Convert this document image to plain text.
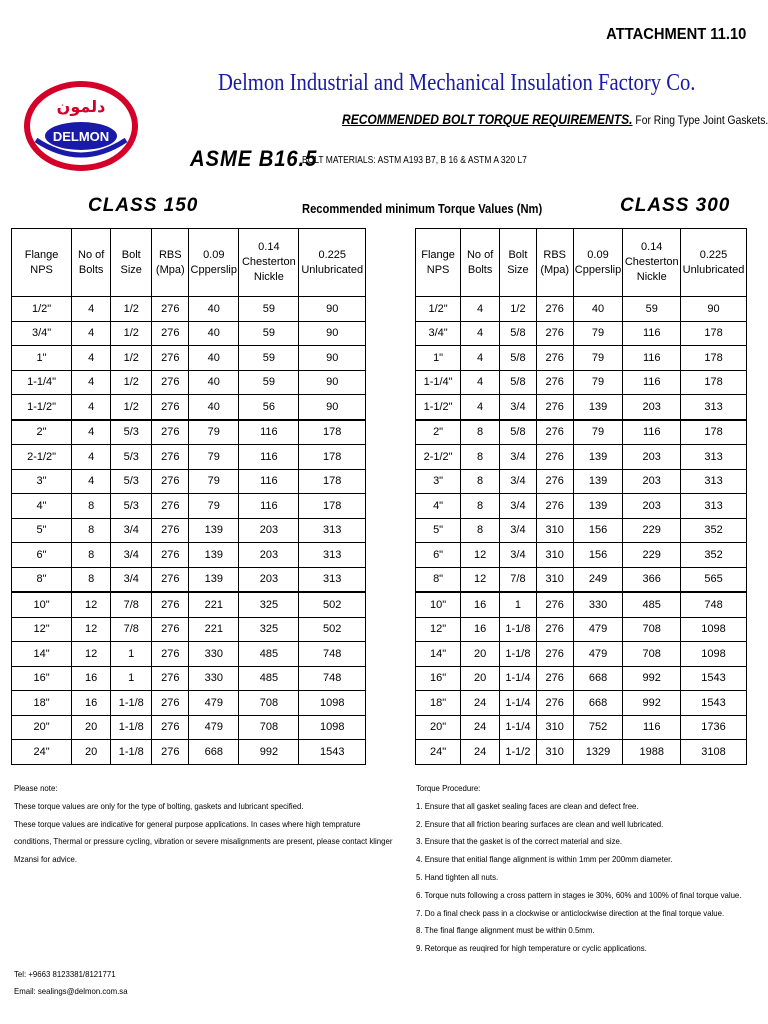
ATTACHMENT 11.10
DELMON
دلمون
Delmon Industrial and Mechanical Insulation Factory Co.
RECOMMENDED BOLT TORQUE REQUIREMENTS. For Ring Type Joint Gaskets.
ASME B16.5
BOLT MATERIALS: ASTM A193 B7, B 16 & ASTM A 320 L7
CLASS 150	Recommended minimum Torque Values (Nm)	CLASS 300
Flange NPS	No of Bolts	Bolt Size	RBS (Mpa)	0.09 Cpperslip	0.14 Chesterton Nickle	0.225 Unlubricated
1/2"	4	1/2	276	40	59	90
3/4"	4	1/2	276	40	59	90
1"	4	1/2	276	40	59	90
1-1/4"	4	1/2	276	40	59	90
1-1/2"	4	1/2	276	40	56	90
2"	4	5/3	276	79	116	178
2-1/2"	4	5/3	276	79	116	178
3"	4	5/3	276	79	116	178
4"	8	5/3	276	79	116	178
5"	8	3/4	276	139	203	313
6"	8	3/4	276	139	203	313
8"	8	3/4	276	139	203	313
10"	12	7/8	276	221	325	502
12"	12	7/8	276	221	325	502
14"	12	1	276	330	485	748
16"	16	1	276	330	485	748
18"	16	1-1/8	276	479	708	1098
20"	20	1-1/8	276	479	708	1098
24"	20	1-1/8	276	668	992	1543
Flange NPS	No of Bolts	Bolt Size	RBS (Mpa)	0.09 Cpperslip	0.14 Chesterton Nickle	0.225 Unlubricated
1/2"	4	1/2	276	40	59	90
3/4"	4	5/8	276	79	116	178
1"	4	5/8	276	79	116	178
1-1/4"	4	5/8	276	79	116	178
1-1/2"	4	3/4	276	139	203	313
2"	8	5/8	276	79	116	178
2-1/2"	8	3/4	276	139	203	313
3"	8	3/4	276	139	203	313
4"	8	3/4	276	139	203	313
5"	8	3/4	310	156	229	352
6"	12	3/4	310	156	229	352
8"	12	7/8	310	249	366	565
10"	16	1	276	330	485	748
12"	16	1-1/8	276	479	708	1098
14"	20	1-1/8	276	479	708	1098
16"	20	1-1/4	276	668	992	1543
18"	24	1-1/4	276	668	992	1543
20"	24	1-1/4	310	752	116	1736
24"	24	1-1/2	310	1329	1988	3108
Please note:
These torque values are only for the type of bolting, gaskets and lubricant specified.
These torque values are indicative for general purpose applications. In cases where high temprature
conditions, Thermal or pressure cycling, vibration or severe misalignments are present, please contact klinger
Mzansi for advice.
Torque Procedure:
1. Ensure that all gasket sealing faces are clean and defect free.
2. Ensure that all friction bearing surfaces are clean and well lubricated.
3. Ensure that the gasket is of the correct material and size.
4. Ensure that enitial flange alignment is within 1mm per 200mm diameter.
5. Hand tighten all nuts.
6. Torque nuts following a cross pattern in stages ie 30%, 60% and 100% of final torque value.
7. Do a final check pass in a clockwise or anticlockwise direction at the final torque value.
8. The final flange alignment must be within 0.5mm.
9. Retorque as reuqired for high temperature or cyclic applications.
Tel: +9663 8123381/8121771
Email: sealings@delmon.com.sa
